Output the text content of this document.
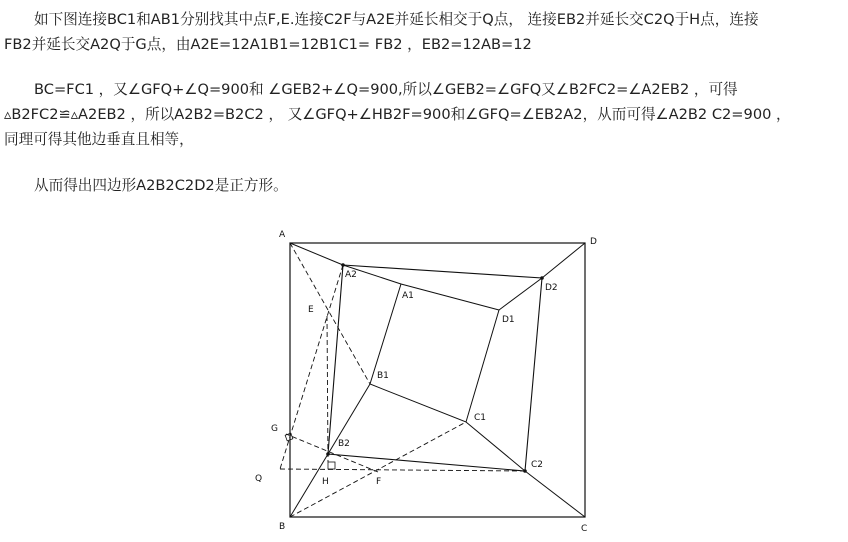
如下图连接BC1和AB1分别找其中点F,E.连接C2F与A2E并延长相交于Q点， 连接EB2并延长交C2Q于H点，连接
FB2并延长交A2Q于G点，由A2E=12A1B1=12B1C1= FB2 ，EB2=12AB=12
BC=FC1 ，又∠GFQ+∠Q=900和 ∠GEB2+∠Q=900,所以∠GEB2=∠GFQ又∠B2FC2=∠A2EB2 ，可得
▵B2FC2≌▵A2EB2 ，所以A2B2=B2C2 ， 又∠GFQ+∠HB2F=900和∠GFQ=∠EB2A2，从而可得∠A2B2 C2=900 ，
同理可得其他边垂直且相等，
从而得出四边形A2B2C2D2是正方形。
A
D
B	C
A1
D1
C1
B1
A2
D2
C2
B2
E
F
G
H
Q
